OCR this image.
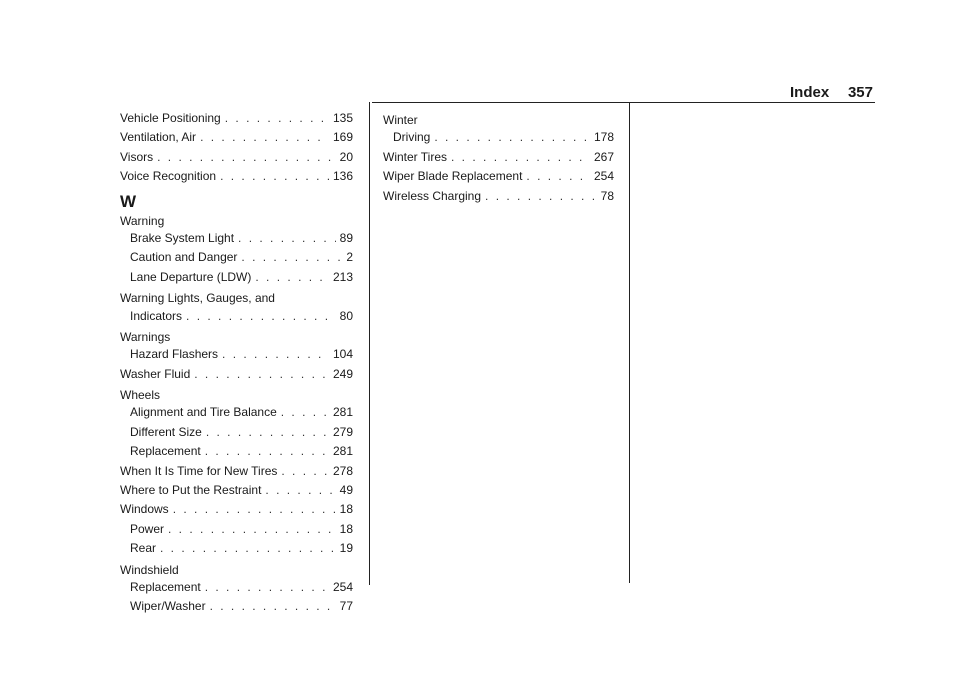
Index 357
Vehicle Positioning . . .	135
Ventilation, Air . . .	169
Visors . . .	20
Voice Recognition . . .	136
W
Warning
Brake System Light . . .	89
Caution and Danger . . .	2
Lane Departure (LDW) . . .	213
Warning Lights, Gauges, and
Indicators . . .	80
Warnings
Hazard Flashers . . .	104
Washer Fluid . . .	249
Wheels
Alignment and Tire Balance . . .	281
Different Size . . .	279
Replacement . . .	281
When It Is Time for New Tires . . .	278
Where to Put the Restraint . . .	49
Windows . . .	18
Power . . .	18
Rear . . .	19
Windshield
Replacement . . .	254
Wiper/Washer . . .	77
Winter
Driving . . .	178
Winter Tires . . .	267
Wiper Blade Replacement . . .	254
Wireless Charging . . .	78
